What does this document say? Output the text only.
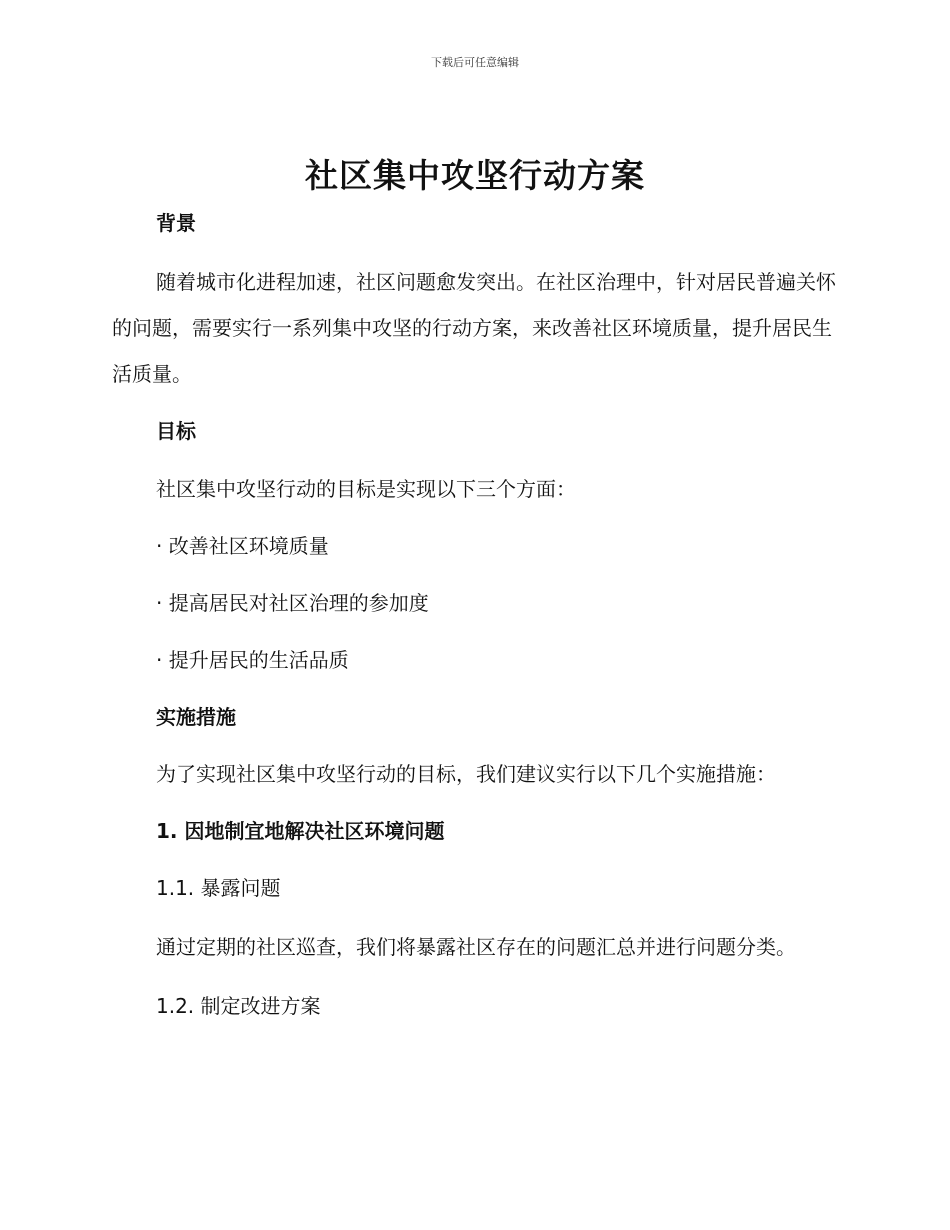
下载后可任意编辑
社区集中攻坚行动方案
背景

随着城市化进程加速，社区问题愈发突出。在社区治理中，针对居民普遍关怀的问题，需要实行一系列集中攻坚的行动方案，来改善社区环境质量，提升居民生活质量。

目标
社区集中攻坚行动的目标是实现以下三个方面：
· 改善社区环境质量
· 提高居民对社区治理的参加度
· 提升居民的生活品质
实施措施
为了实现社区集中攻坚行动的目标，我们建议实行以下几个实施措施：
1. 因地制宜地解决社区环境问题
1.1. 暴露问题

通过定期的社区巡查，我们将暴露社区存在的问题汇总并进行问题分类。

1.2. 制定改进方案
